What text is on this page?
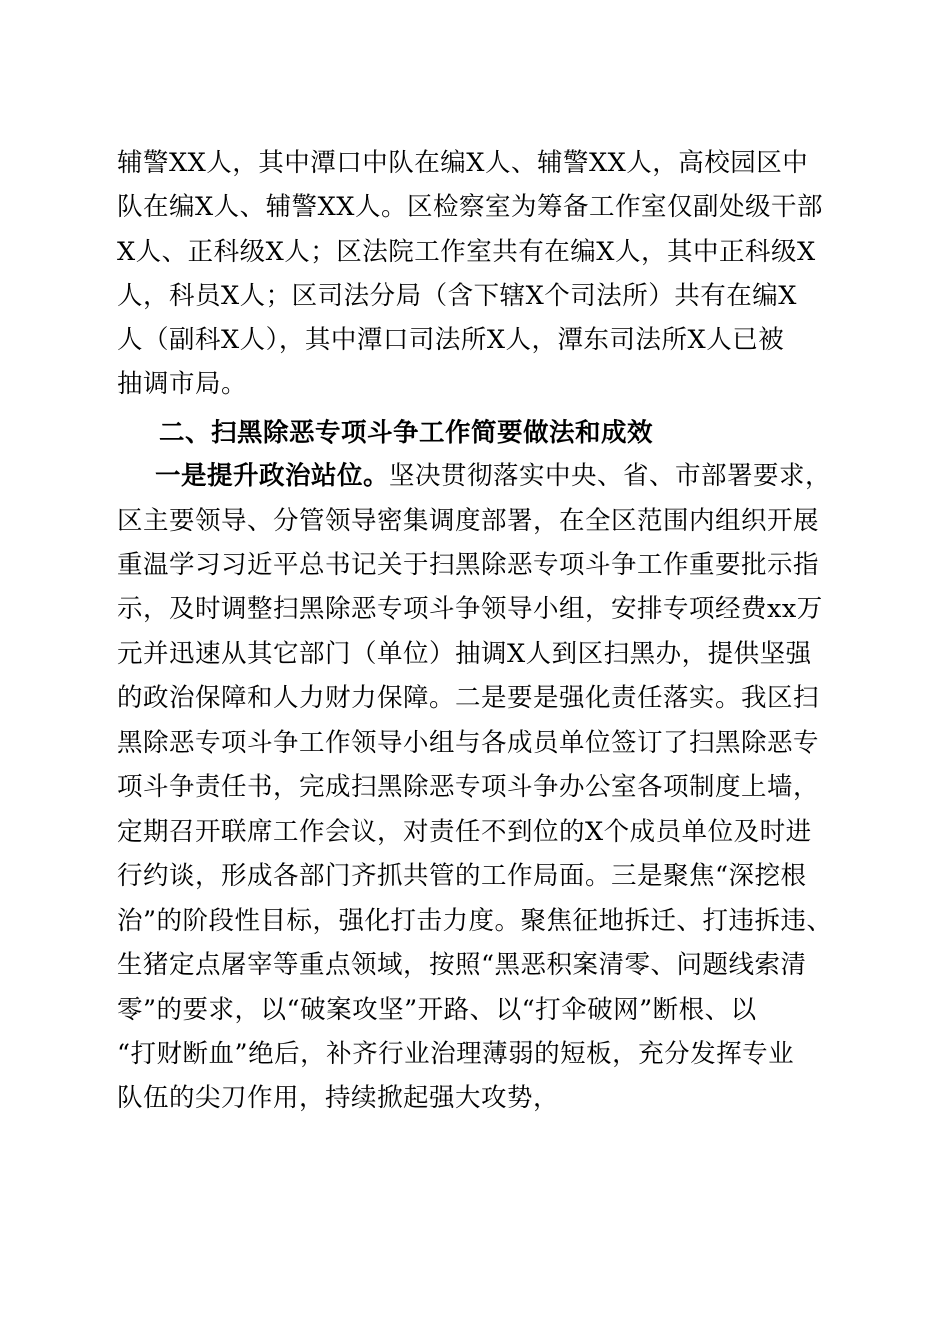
辅警XX人，其中潭口中队在编X人、辅警XX人，高校园区中
队在编X人、辅警XX人。区检察室为筹备工作室仅副处级干部
X人、正科级X人；区法院工作室共有在编X人，其中正科级X
人，科员X人；区司法分局（含下辖X个司法所）共有在编X
人（副科X人），其中潭口司法所X人，潭东司法所X人已被
抽调市局。
二、扫黑除恶专项斗争工作简要做法和成效
一是提升政治站位。坚决贯彻落实中央、省、市部署要求，
区主要领导、分管领导密集调度部署，在全区范围内组织开展
重温学习习近平总书记关于扫黑除恶专项斗争工作重要批示指
示，及时调整扫黑除恶专项斗争领导小组，安排专项经费xx万
元并迅速从其它部门（单位）抽调X人到区扫黑办，提供坚强
的政治保障和人力财力保障。二是要是强化责任落实。我区扫
黑除恶专项斗争工作领导小组与各成员单位签订了扫黑除恶专
项斗争责任书，完成扫黑除恶专项斗争办公室各项制度上墙，
定期召开联席工作会议，对责任不到位的X个成员单位及时进
行约谈，形成各部门齐抓共管的工作局面。三是聚焦“深挖根
治”的阶段性目标，强化打击力度。聚焦征地拆迁、打违拆违、
生猪定点屠宰等重点领域，按照“黑恶积案清零、问题线索清
零”的要求，以“破案攻坚”开路、以“打伞破网”断根、以
“打财断血”绝后，补齐行业治理薄弱的短板，充分发挥专业
队伍的尖刀作用，持续掀起强大攻势，
